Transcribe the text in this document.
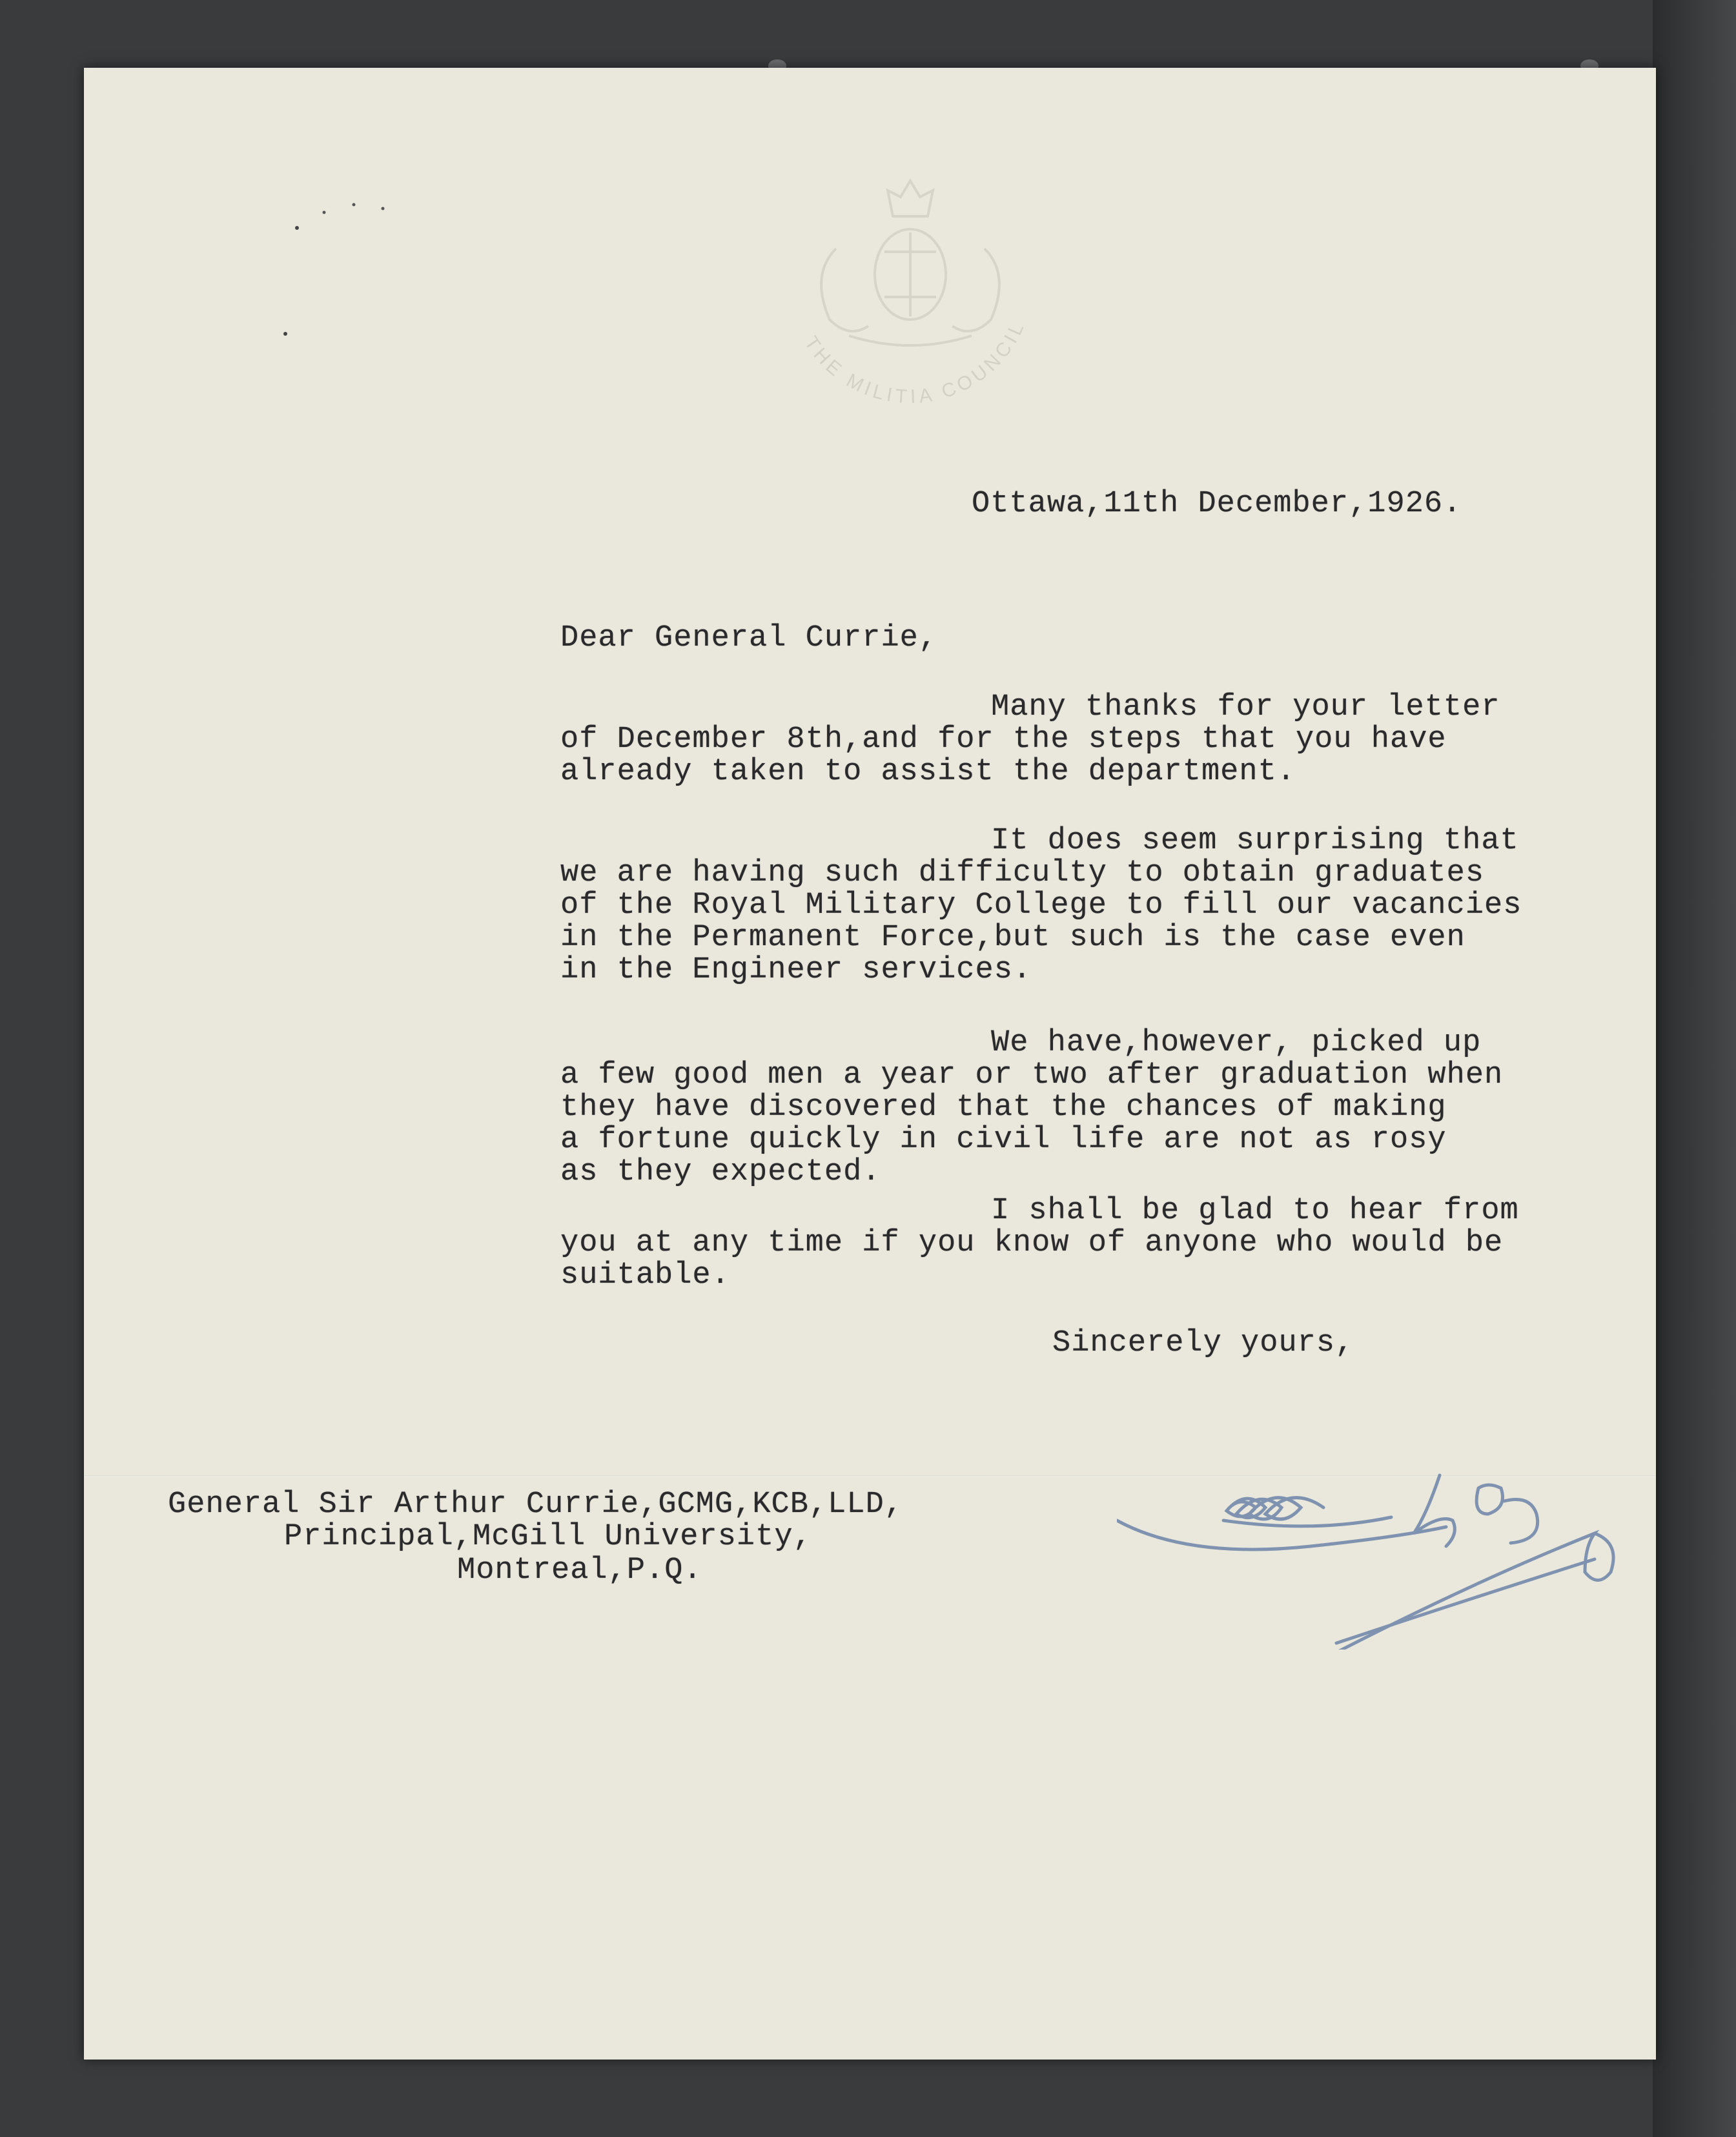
THE MILITIA COUNCIL
Ottawa,11th December,1926.
Dear General Currie,
Many thanks for your letter
of December 8th,and for the steps that you have
already taken to assist the department.
It does seem surprising that
we are having such difficulty to obtain graduates
of the Royal Military College to fill our vacancies
in the Permanent Force,but such is the case even
in the Engineer services.
We have,however, picked up
a few good men a year or two after graduation when
they have discovered that the chances of making
a fortune quickly in civil life are not as rosy
as they expected.
I shall be glad to hear from
you at any time if you know of anyone who would be
suitable.
Sincerely yours,
General Sir Arthur Currie,GCMG,KCB,LLD,
Principal,McGill University,
Montreal,P.Q.
